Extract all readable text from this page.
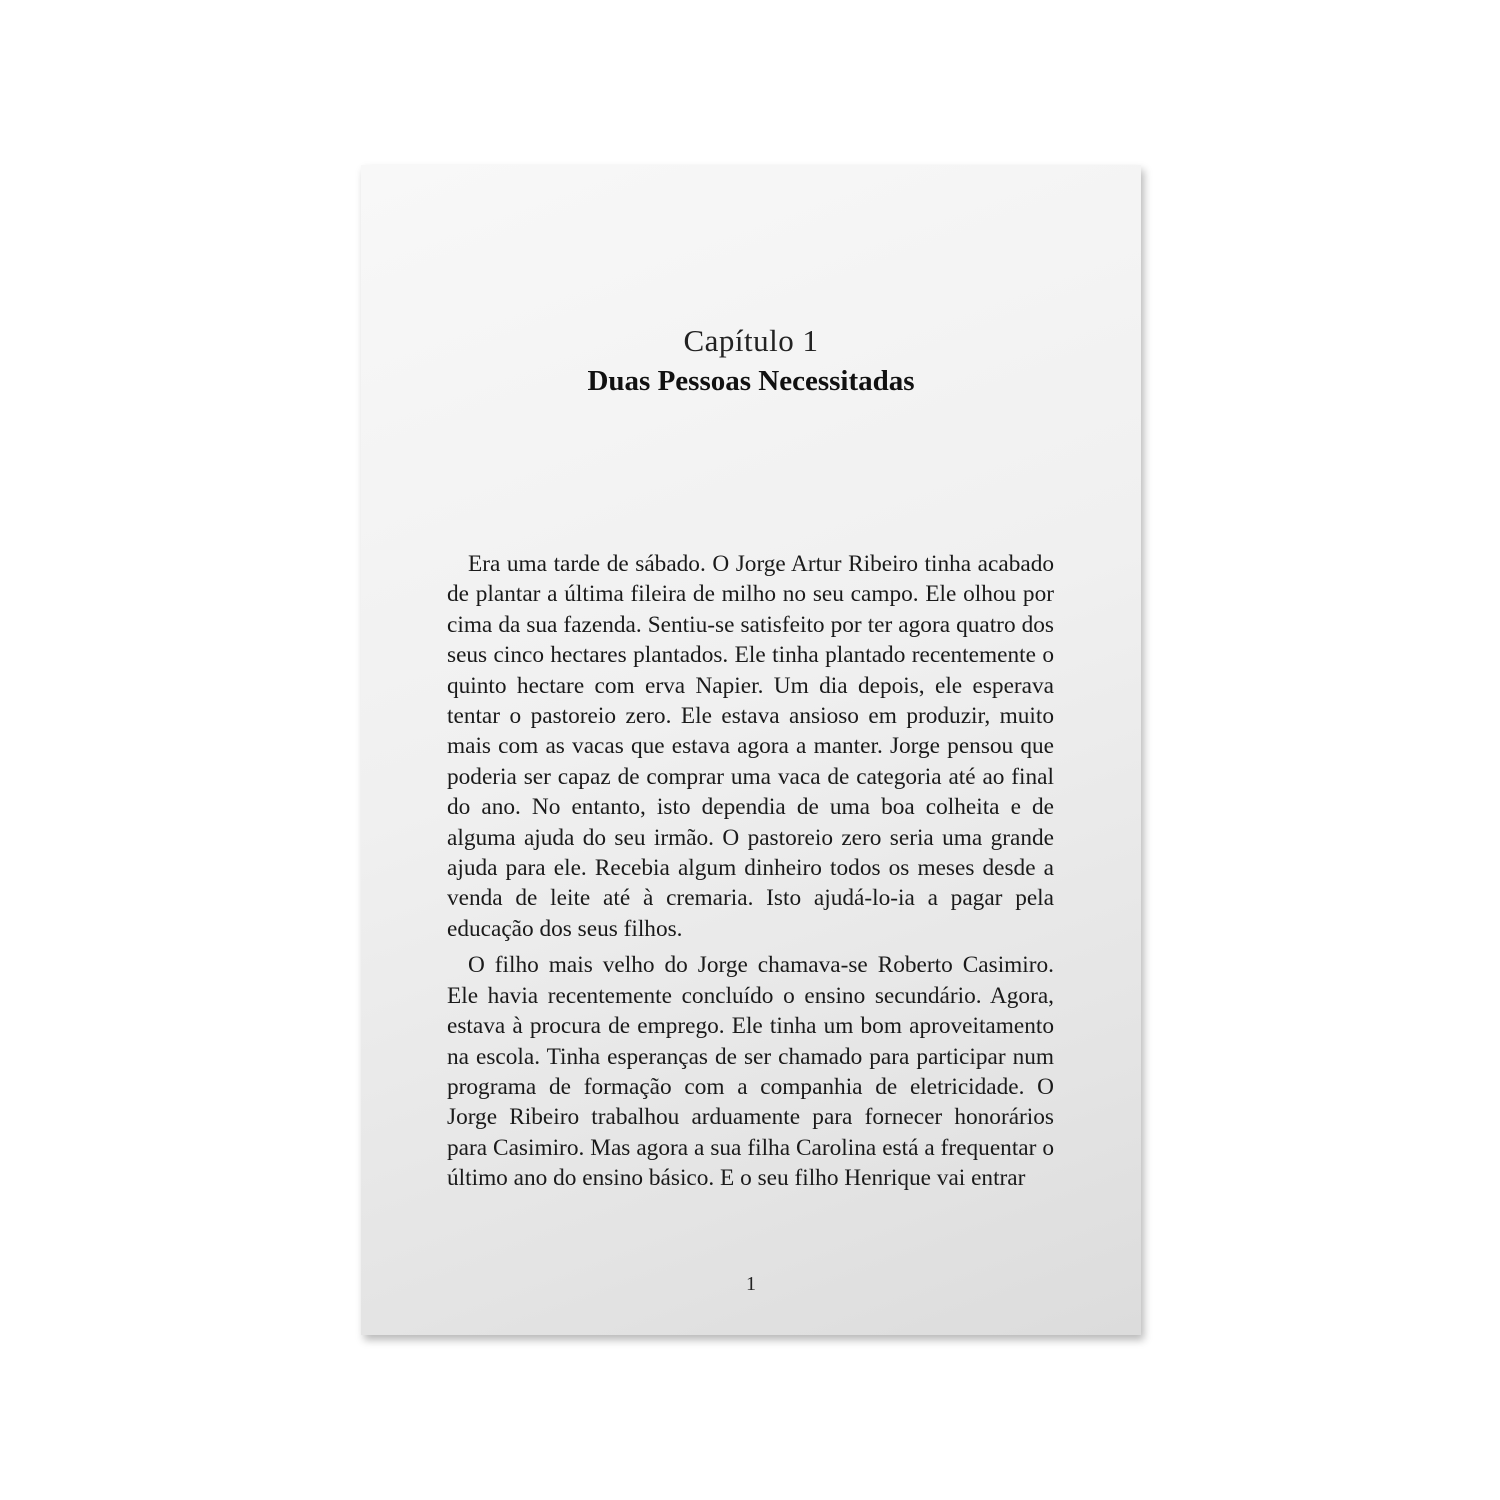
Capítulo 1
Duas Pessoas Necessitadas

Era uma tarde de sábado. O Jorge Artur Ribeiro tinha acabado de plantar a última fileira de milho no seu campo. Ele olhou por cima da sua fazenda. Sentiu-se satisfeito por ter agora quatro dos seus cinco hectares plantados. Ele tinha plantado recentemente o quinto hectare com erva Napier. Um dia depois, ele esperava tentar o pastoreio zero. Ele estava ansioso em produzir, muito mais com as vacas que estava agora a manter. Jorge pensou que poderia ser capaz de comprar uma vaca de categoria até ao final do ano. No entanto, isto dependia de uma boa colheita e de alguma ajuda do seu irmão. O pastoreio zero seria uma grande ajuda para ele. Recebia algum dinheiro todos os meses desde a venda de leite até à cremaria. Isto ajudá-lo-ia a pagar pela educação dos seus filhos.

O filho mais velho do Jorge chamava-se Roberto Casimiro. Ele havia recentemente concluído o ensino secundário. Agora, estava à procura de emprego. Ele tinha um bom aproveitamento na escola. Tinha esperanças de ser chamado para participar num programa de formação com a companhia de eletricidade. O Jorge Ribeiro trabalhou arduamente para fornecer honorários para Casimiro. Mas agora a sua filha Carolina está a frequentar o último ano do ensino básico. E o seu filho Henrique vai entrar

1
